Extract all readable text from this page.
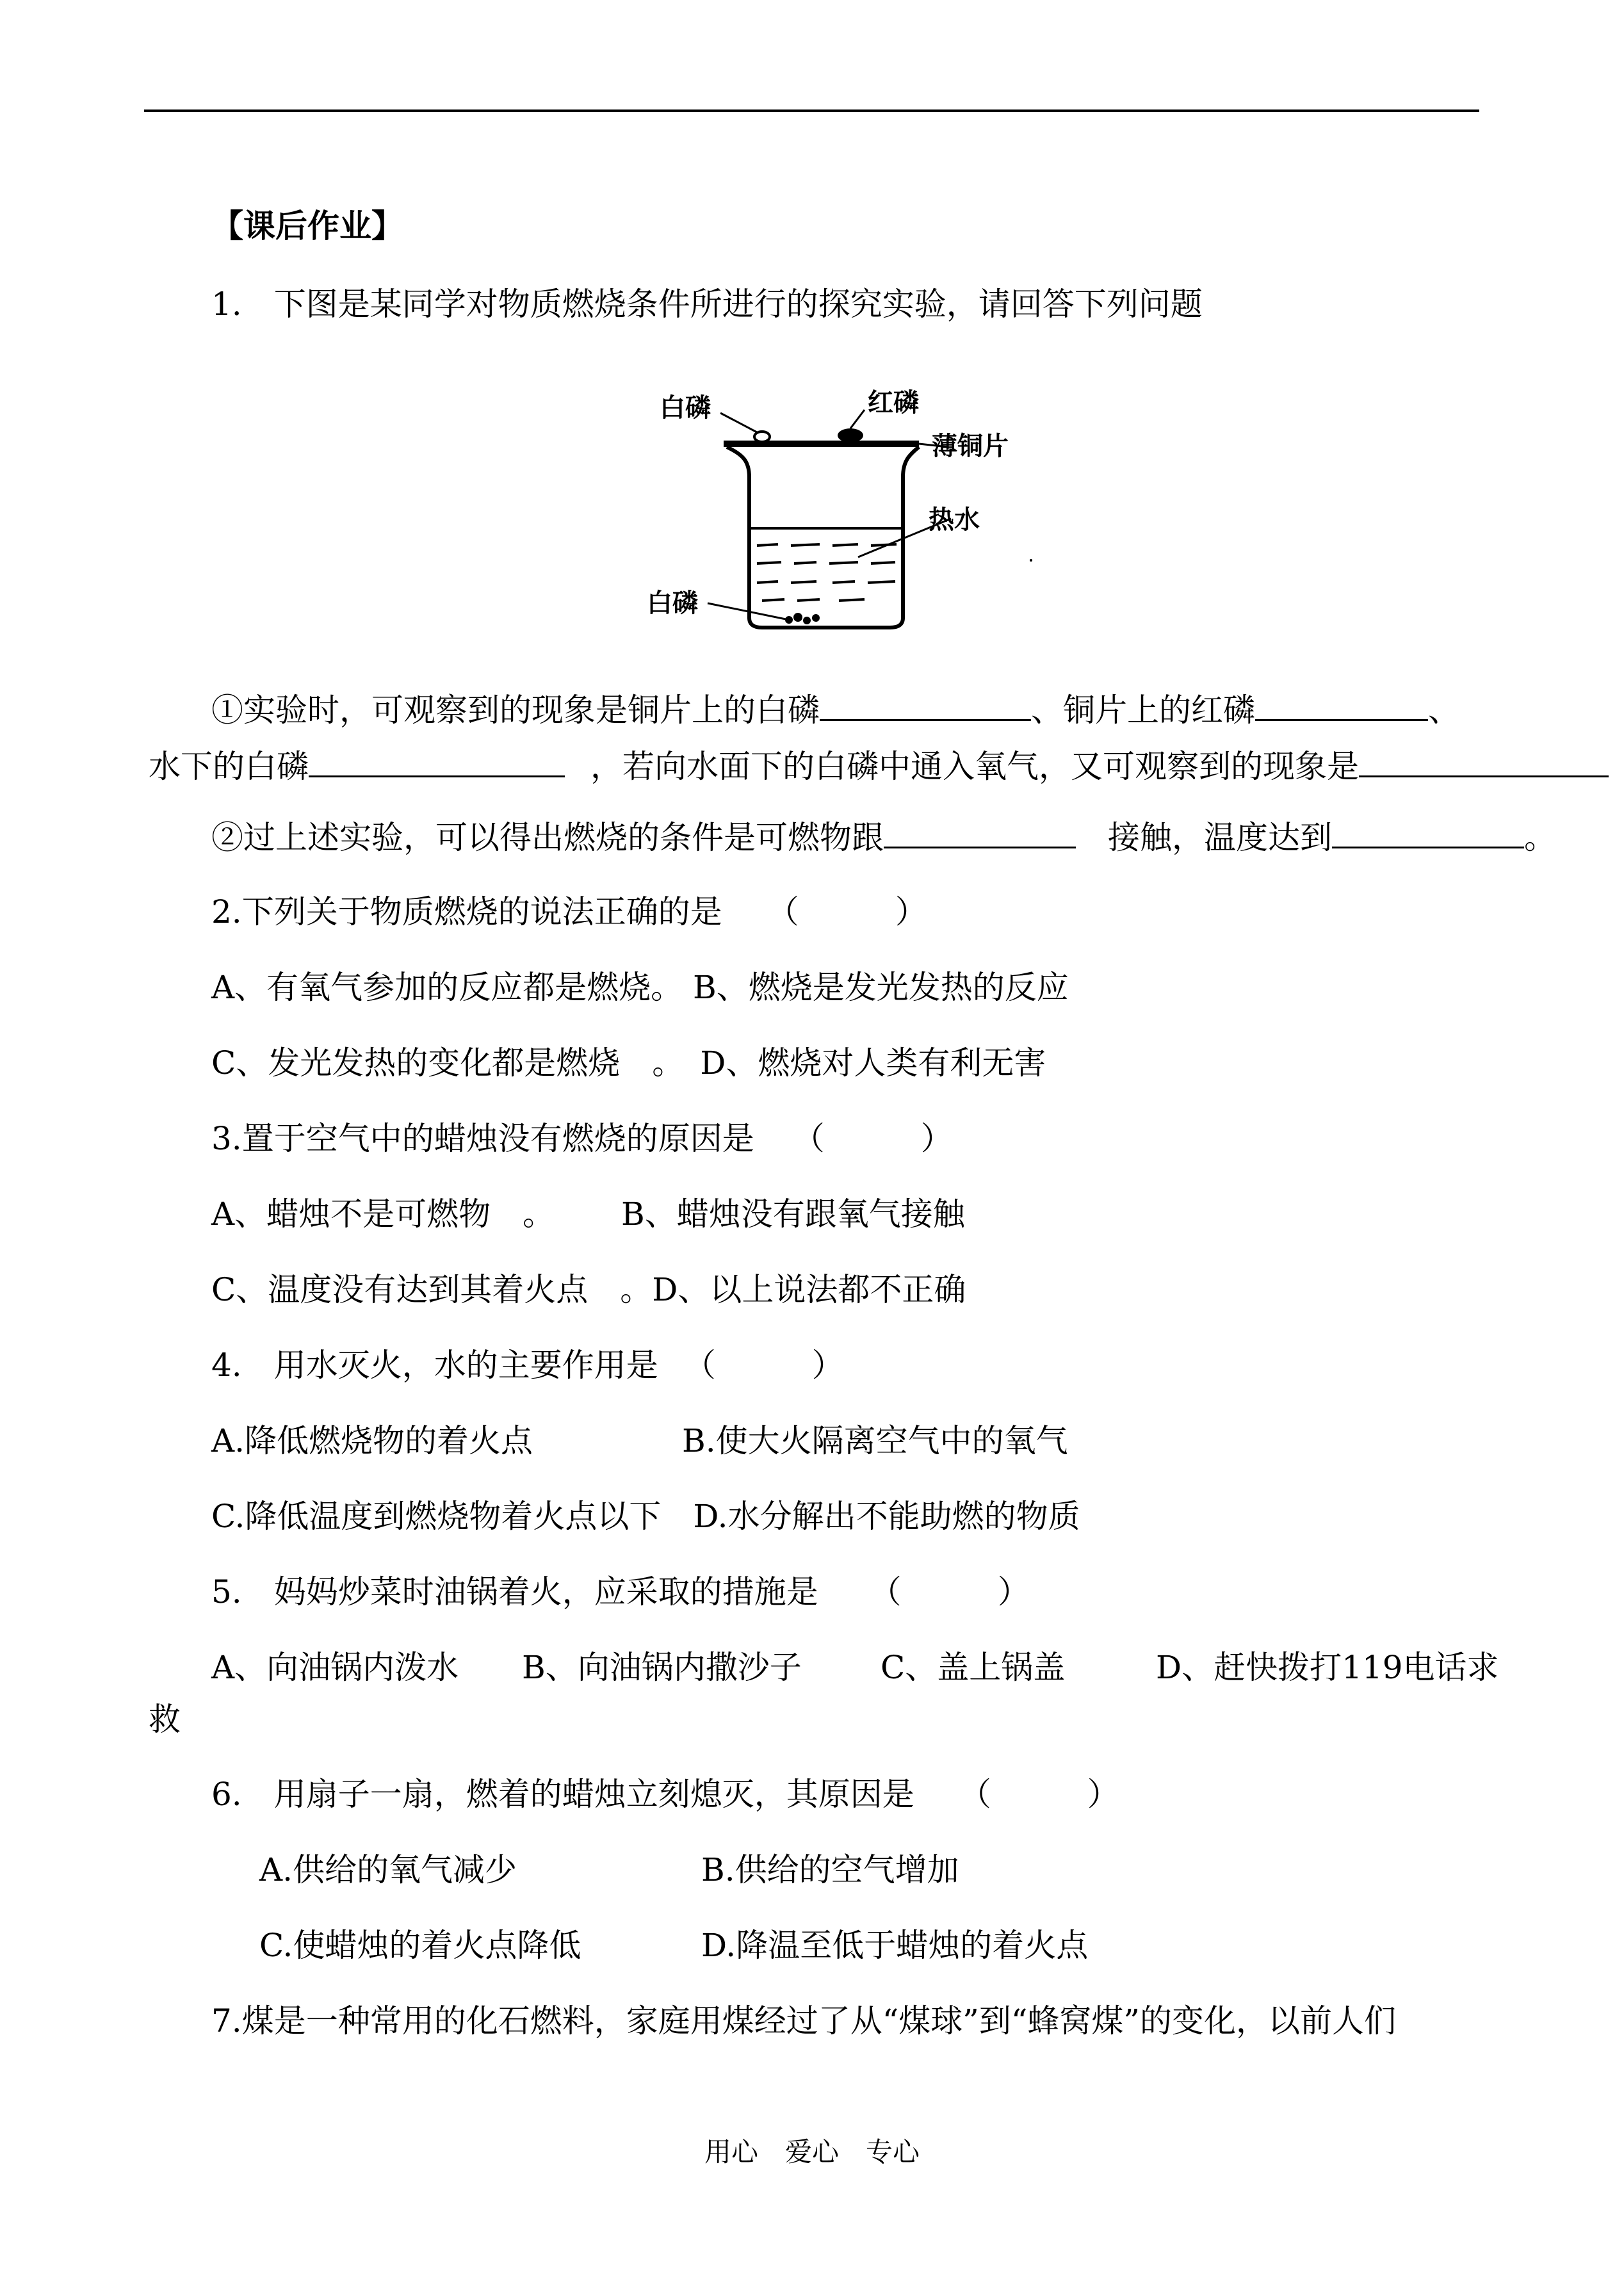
【课后作业】
1.　下图是某同学对物质燃烧条件所进行的探究实验，请回答下列问题
白磷	红磷
薄铜片
热水
白磷
①实验时，可观察到的现象是铜片上的白磷	、铜片上的红磷	、
水下的白磷	，若向水面下的白磷中通入氧气，又可观察到的现象是
②过上述实验，可以得出燃烧的条件是可燃物跟	接触，温度达到	。
2.下列关于物质燃烧的说法正确的是 （　　　）
A、有氧气参加的反应都是燃烧。 B、燃烧是发光发热的反应
C、发光发热的变化都是燃烧　。　D、燃烧对人类有利无害
3.置于空气中的蜡烛没有燃烧的原因是 （　　　）
A、蜡烛不是可燃物　。 B、蜡烛没有跟氧气接触
C、温度没有达到其着火点　。D、以上说法都不正确
4.　用水灭火，水的主要作用是 （　　　）
A.降低燃烧物的着火点	B.使大火隔离空气中的氧气
C.降低温度到燃烧物着火点以下　D.水分解出不能助燃的物质
5.　妈妈炒菜时油锅着火，应采取的措施是 （　　　）
A、向油锅内泼水 B、向油锅内撒沙子 C、盖上锅盖	D、赶快拨打119电话求
救
6.　用扇子一扇，燃着的蜡烛立刻熄灭，其原因是 （　　　）
A.供给的氧气减少	B.供给的空气增加
C.使蜡烛的着火点降低	D.降温至低于蜡烛的着火点
7.煤是一种常用的化石燃料，家庭用煤经过了从“煤球”到“蜂窝煤”的变化，以前人们
用心　爱心　专心
